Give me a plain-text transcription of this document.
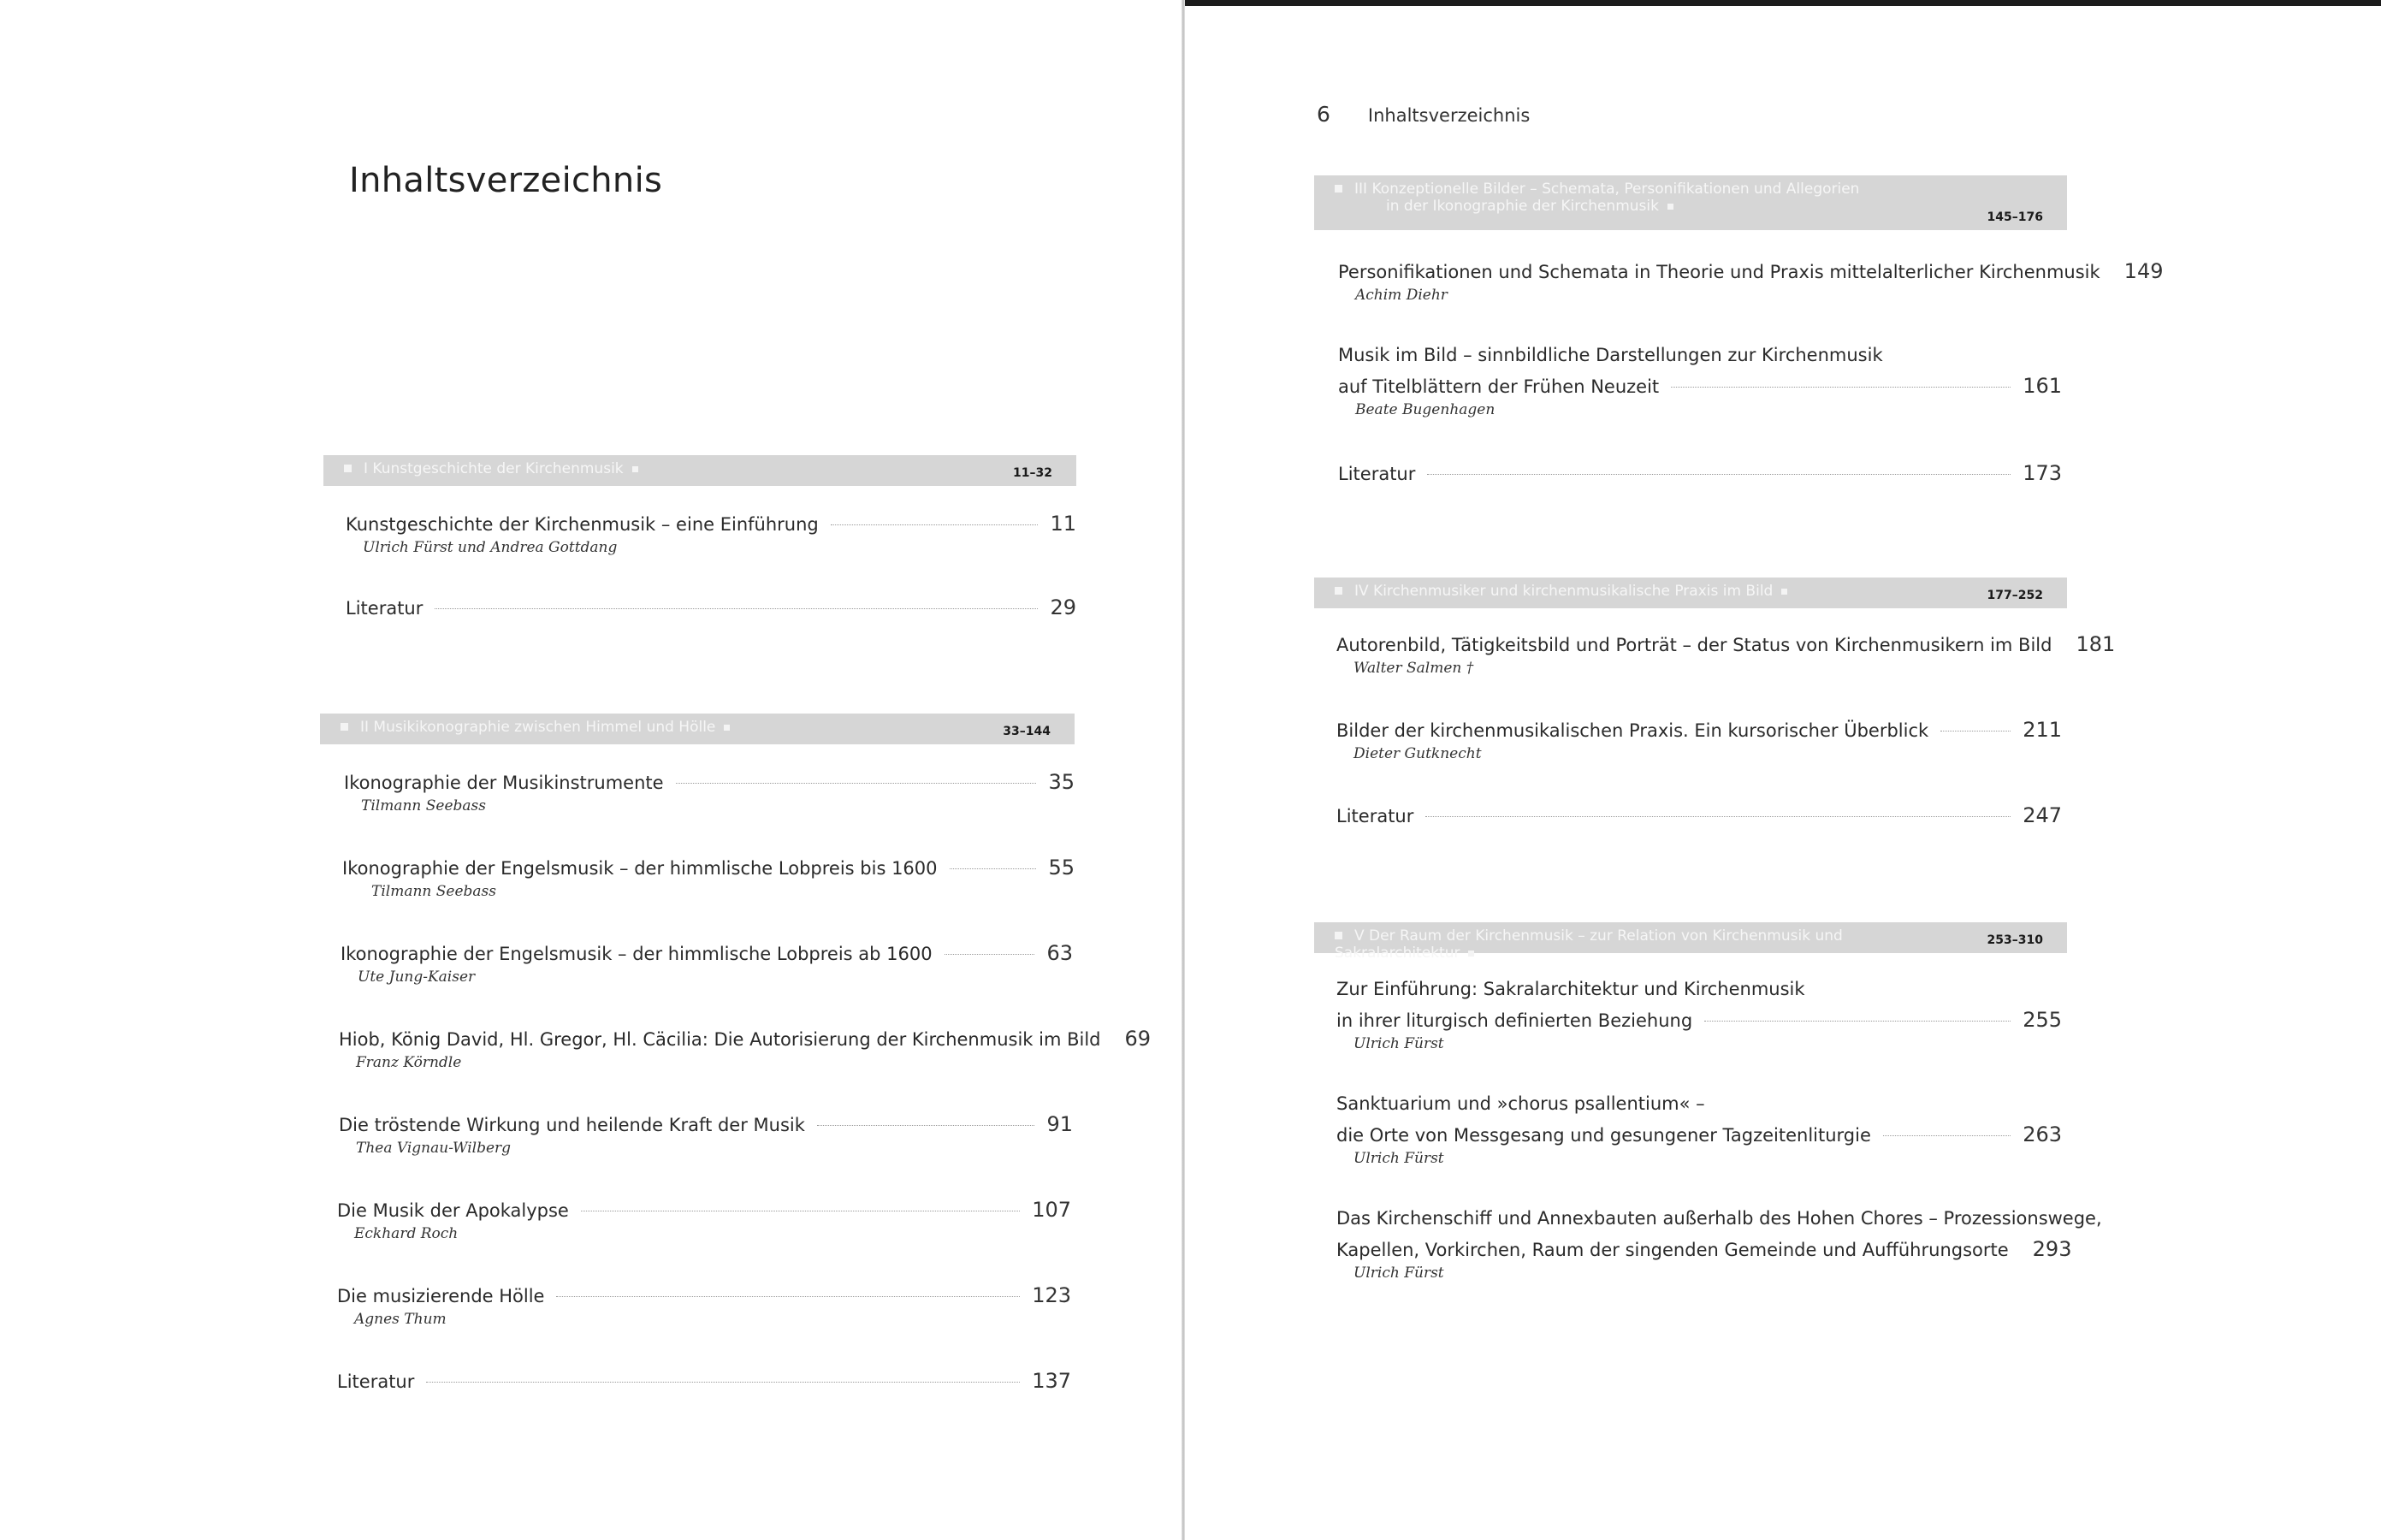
Inhaltsverzeichnis
I Kunstgeschichte der Kirchenmusik	11–32
Kunstgeschichte der Kirchenmusik – eine Einführung	11
Ulrich Fürst und Andrea Gottdang
Literatur	29
II Musikikonographie zwischen Himmel und Hölle	33–144
Ikonographie der Musikinstrumente	35
Tilmann Seebass
Ikonographie der Engelsmusik – der himmlische Lobpreis bis 1600	55
Tilmann Seebass
Ikonographie der Engelsmusik – der himmlische Lobpreis ab 1600	63
Ute Jung-Kaiser
Hiob, König David, Hl. Gregor, Hl. Cäcilia: Die Autorisierung der Kirchenmusik im Bild 69
Franz Körndle
Die tröstende Wirkung und heilende Kraft der Musik	91
Thea Vignau-Wilberg
Die Musik der Apokalypse	107
Eckhard Roch
Die musizierende Hölle	123
Agnes Thum
Literatur	137
6 Inhaltsverzeichnis
III Konzeptionelle Bilder – Schemata, Personifikationen und Allegorien
in der Ikonographie der Kirchenmusik
145–176
Personifikationen und Schemata in Theorie und Praxis mittelalterlicher Kirchenmusik 149
Achim Diehr
Musik im Bild – sinnbildliche Darstellungen zur Kirchenmusik
auf Titelblättern der Frühen Neuzeit	161
Beate Bugenhagen
Literatur	173
IV Kirchenmusiker und kirchenmusikalische Praxis im Bild	177–252
Autorenbild, Tätigkeitsbild und Porträt – der Status von Kirchenmusikern im Bild 181
Walter Salmen †
Bilder der kirchenmusikalischen Praxis. Ein kursorischer Überblick	211
Dieter Gutknecht
Literatur	247
V Der Raum der Kirchenmusik – zur Relation von Kirchenmusik und Sakralarchitektur
253–310
Zur Einführung: Sakralarchitektur und Kirchenmusik
in ihrer liturgisch definierten Beziehung	255
Ulrich Fürst
Sanktuarium und »chorus psallentium« –
die Orte von Messgesang und gesungener Tagzeitenliturgie	263
Ulrich Fürst
Das Kirchenschiff und Annexbauten außerhalb des Hohen Chores – Prozessionswege,
Kapellen, Vorkirchen, Raum der singenden Gemeinde und Aufführungsorte 293
Ulrich Fürst
